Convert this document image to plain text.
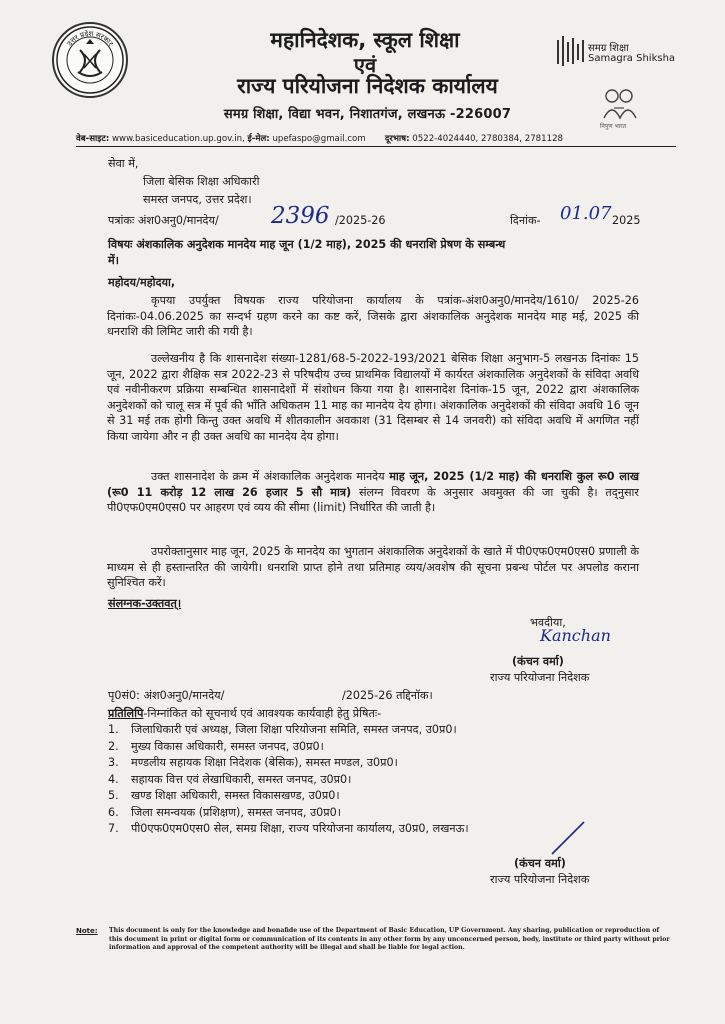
उत्तर प्रदेश सरकार	महानिदेशक, स्कूल शिक्षा
एवं
राज्य परियोजना निदेशक कार्यालय
समग्र शिक्षा, विद्या भवन, निशातगंज, लखनऊ -226007
समग्र शिक्षा
Samagra Shiksha
निपुण भारत
वेब-साइट: www.basiceducation.up.gov.in, ई-मेल: upefaspo@gmail.com दूरभाष: 0522-4024440, 2780384, 2781128
सेवा में,
जिला बेसिक शिक्षा अधिकारी
समस्त जनपद, उत्तर प्रदेश।
पत्रांकः अंश0अनु0/मानदेय/ 2396 /2025-26	दिनांक- 01.07 2025
विषयः अंशकालिक अनुदेशक मानदेय माह जून (1/2 माह), 2025 की धनराशि प्रेषण के सम्बन्ध
में।
महोदय/महोदया,
कृपया उपर्युक्त विषयक राज्य परियोजना कार्यालय के पत्रांक-अंश0अनु0/मानदेय/1610/ 2025-26 दिनांकः-04.06.2025 का सन्दर्भ ग्रहण करने का कष्ट करें, जिसके द्वारा अंशकालिक अनुदेशक मानदेय माह मई, 2025 की धनराशि की लिमिट जारी की गयी है।
उल्लेखनीय है कि शासनादेश संख्या-1281/68-5-2022-193/2021 बेसिक शिक्षा अनुभाग-5 लखनऊ दिनांकः 15 जून, 2022 द्वारा शैक्षिक सत्र 2022-23 से परिषदीय उच्च प्राथमिक विद्यालयों में कार्यरत अंशकालिक अनुदेशकों के संविदा अवधि एवं नवीनीकरण प्रक्रिया सम्बन्धित शासनादेशों में संशोधन किया गया है। शासनादेश दिनांक-15 जून, 2022 द्वारा अंशकालिक अनुदेशकों को चालू सत्र में पूर्व की भाँति अधिकतम 11 माह का मानदेय देय होगा। अंशकालिक अनुदेशकों की संविदा अवधि 16 जून से 31 मई तक होगी किन्तु उक्त अवधि में शीतकालीन अवकाश (31 दिसम्बर से 14 जनवरी) को संविदा अवधि में अगणित नहीं किया जायेगा और न ही उक्त अवधि का मानदेय देय होगा।
उक्त शासनादेश के क्रम में अंशकालिक अनुदेशक मानदेय माह जून, 2025 (1/2 माह) की धनराशि कुल रू0 लाख (रू0 11 करोड़ 12 लाख 26 हजार 5 सौ मात्र) संलग्न विवरण के अनुसार अवमुक्त की जा चुकी है। तद्नुसार पी0एफ0एम0एस0 पर आहरण एवं व्यय की सीमा (limit) निर्धारित की जाती है।
उपरोक्तानुसार माह जून, 2025 के मानदेय का भुगतान अंशकालिक अनुदेशकों के खाते में पी0एफ0एम0एस0 प्रणाली के माध्यम से ही हस्तान्तरित की जायेगी। धनराशि प्राप्त होने तथा प्रतिमाह व्यय/अवशेष की सूचना प्रबन्ध पोर्टल पर अपलोड कराना सुनिश्चित करें।
संलग्नक-उक्तवत्।
भवदीया,
Kanchan
(कंचन वर्मा)
राज्य परियोजना निदेशक
पृ0सं0: अंश0अनु0/मानदेय/	/2025-26 तद्दिनॉक।
प्रतिलिपि-निम्नांकित को सूचनार्थ एवं आवश्यक कार्यवाही हेतु प्रेषितः-
1. जिलाधिकारी एवं अध्यक्ष, जिला शिक्षा परियोजना समिति, समस्त जनपद, उ0प्र0।
2. मुख्य विकास अधिकारी, समस्त जनपद, उ0प्र0।
3. मण्डलीय सहायक शिक्षा निदेशक (बेसिक), समस्त मण्डल, उ0प्र0।
4. सहायक वित्त एवं लेखाधिकारी, समस्त जनपद, उ0प्र0।
5. खण्ड शिक्षा अधिकारी, समस्त विकासखण्ड, उ0प्र0।
6. जिला समन्वयक (प्रशिक्षण), समस्त जनपद, उ0प्र0।
7. पी0एफ0एम0एस0 सेल, समग्र शिक्षा, राज्य परियोजना कार्यालय, उ0प्र0, लखनऊ।
(कंचन वर्मा)
राज्य परियोजना निदेशक
Note: This document is only for the knowledge and bonafide use of the Department of Basic Education, UP Government. Any sharing, publication or reproduction of this document in print or digital form or communication of its contents in any other form by any unconcerned person, body, institute or third party without prior information and approval of the competent authority will be illegal and shall be liable for legal action.
